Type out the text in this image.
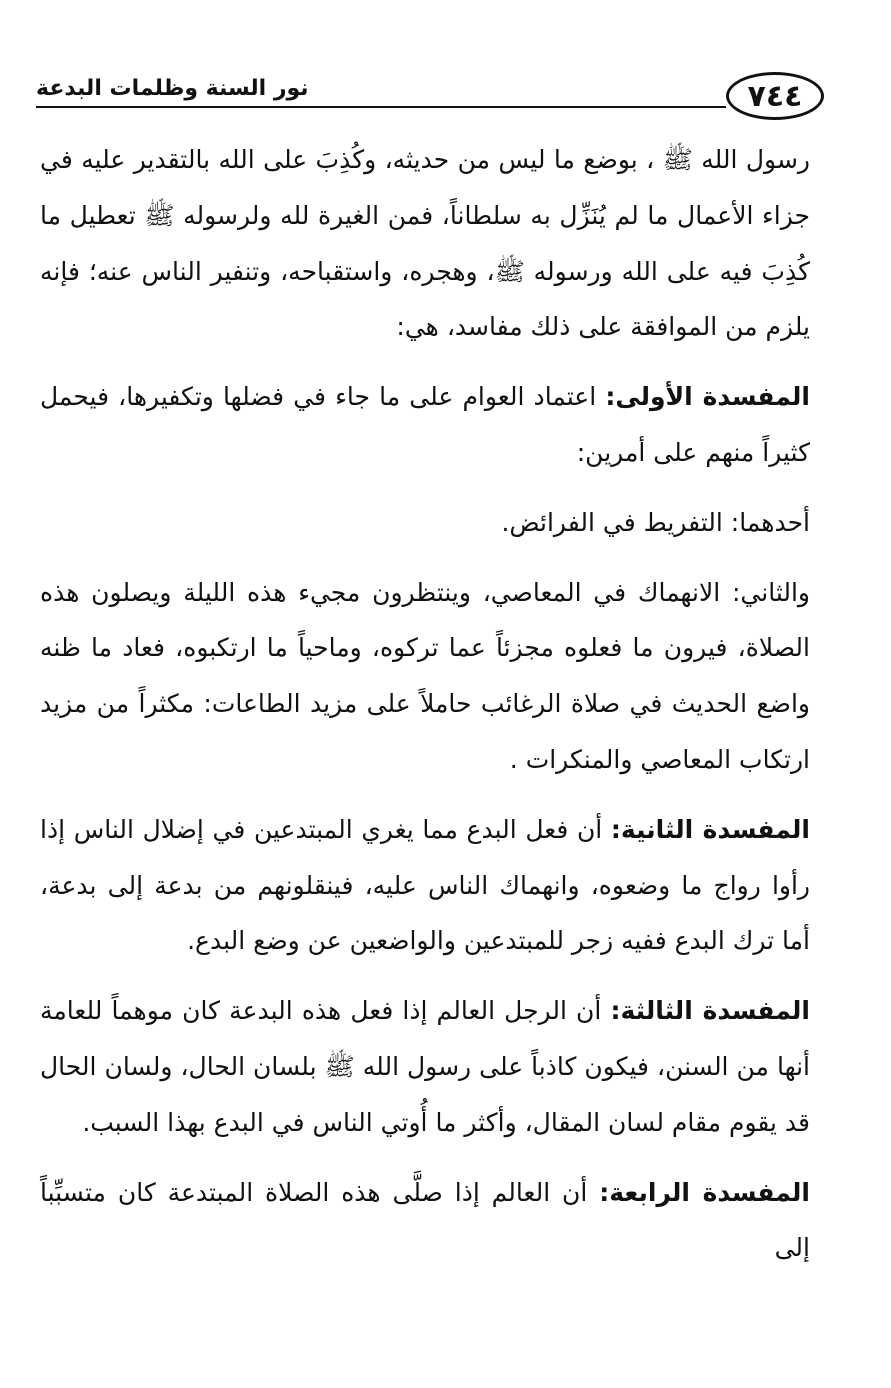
٧٤٤
نور السنة وظلمات البدعة

رسول الله ﷺ ، بوضع ما ليس من حديثه، وكُذِبَ على الله بالتقدير عليه في جزاء الأعمال ما لم يُنَزِّل به سلطاناً، فمن الغيرة لله ولرسوله ﷺ تعطيل ما كُذِبَ فيه على الله ورسوله ﷺ، وهجره، واستقباحه، وتنفير الناس عنه؛ فإنه يلزم من الموافقة على ذلك مفاسد، هي:

المفسدة الأولى: اعتماد العوام على ما جاء في فضلها وتكفيرها، فيحمل كثيراً منهم على أمرين:

أحدهما: التفريط في الفرائض.

والثاني: الانهماك في المعاصي، وينتظرون مجيء هذه الليلة ويصلون هذه الصلاة، فيرون ما فعلوه مجزئاً عما تركوه، وماحياً ما ارتكبوه، فعاد ما ظنه واضع الحديث في صلاة الرغائب حاملاً على مزيد الطاعات: مكثراً من مزيد ارتكاب المعاصي والمنكرات .

المفسدة الثانية: أن فعل البدع مما يغري المبتدعين في إضلال الناس إذا رأوا رواج ما وضعوه، وانهماك الناس عليه، فينقلونهم من بدعة إلى بدعة، أما ترك البدع ففيه زجر للمبتدعين والواضعين عن وضع البدع.

المفسدة الثالثة: أن الرجل العالم إذا فعل هذه البدعة كان موهماً للعامة أنها من السنن، فيكون كاذباً على رسول الله ﷺ بلسان الحال، ولسان الحال قد يقوم مقام لسان المقال، وأكثر ما أُوتي الناس في البدع بهذا السبب.

المفسدة الرابعة: أن العالم إذا صلَّى هذه الصلاة المبتدعة كان متسبِّباً إلى
